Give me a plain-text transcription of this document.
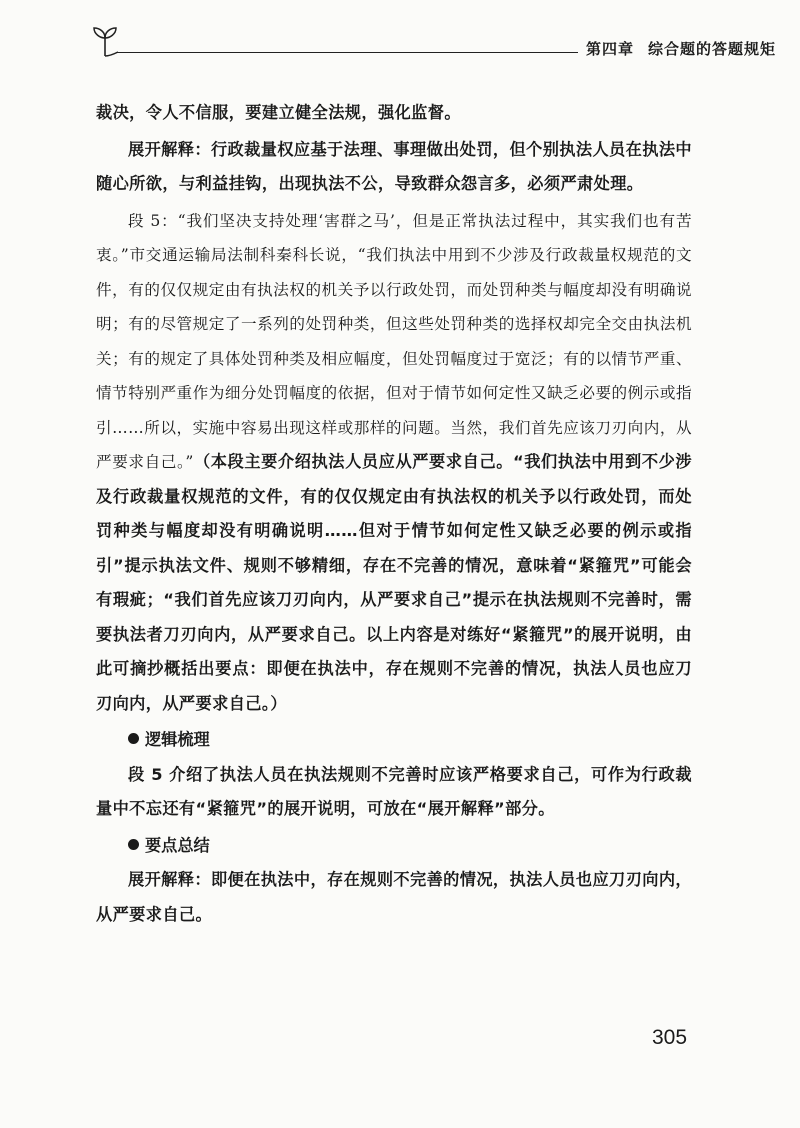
第四章 综合题的答题规矩

裁决，令人不信服，要建立健全法规，强化监督。

展开解释：行政裁量权应基于法理、事理做出处罚，但个别执法人员在执法中随心所欲，与利益挂钩，出现执法不公，导致群众怨言多，必须严肃处理。

段 5：“我们坚决支持处理‘害群之马’，但是正常执法过程中，其实我们也有苦衷。”市交通运输局法制科秦科长说，“我们执法中用到不少涉及行政裁量权规范的文件，有的仅仅规定由有执法权的机关予以行政处罚，而处罚种类与幅度却没有明确说明；有的尽管规定了一系列的处罚种类，但这些处罚种类的选择权却完全交由执法机关；有的规定了具体处罚种类及相应幅度，但处罚幅度过于宽泛；有的以情节严重、情节特别严重作为细分处罚幅度的依据，但对于情节如何定性又缺乏必要的例示或指引……所以，实施中容易出现这样或那样的问题。当然，我们首先应该刀刃向内，从严要求自己。”（本段主要介绍执法人员应从严要求自己。“我们执法中用到不少涉及行政裁量权规范的文件，有的仅仅规定由有执法权的机关予以行政处罚，而处罚种类与幅度却没有明确说明……但对于情节如何定性又缺乏必要的例示或指引”提示执法文件、规则不够精细，存在不完善的情况，意味着“紧箍咒”可能会有瑕疵；“我们首先应该刀刃向内，从严要求自己”提示在执法规则不完善时，需要执法者刀刃向内，从严要求自己。以上内容是对练好“紧箍咒”的展开说明，由此可摘抄概括出要点：即便在执法中，存在规则不完善的情况，执法人员也应刀刃向内，从严要求自己。）

逻辑梳理

段 5 介绍了执法人员在执法规则不完善时应该严格要求自己，可作为行政裁量中不忘还有“紧箍咒”的展开说明，可放在“展开解释”部分。

要点总结

展开解释：即便在执法中，存在规则不完善的情况，执法人员也应刀刃向内，从严要求自己。

305
